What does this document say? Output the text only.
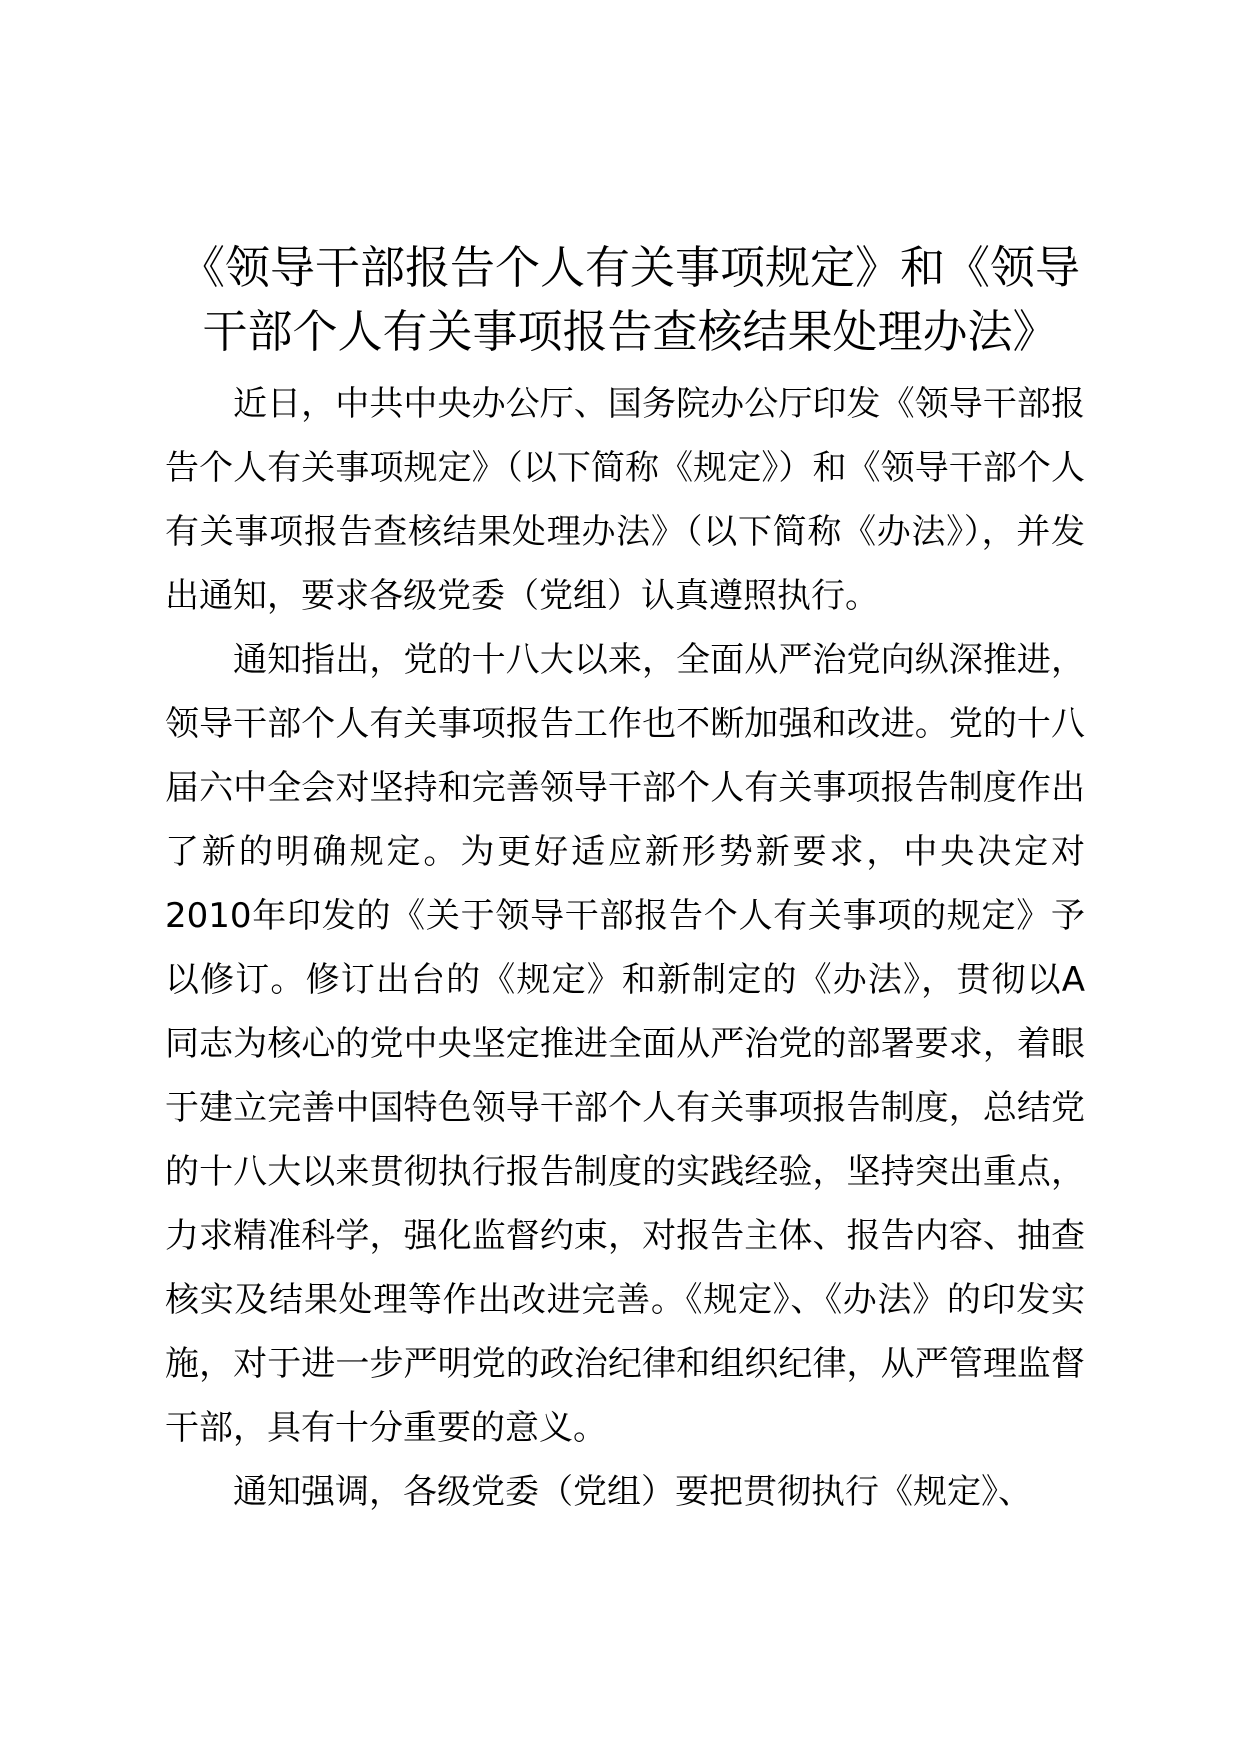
《领导干部报告个人有关事项规定》和《领导干部个人有关事项报告查核结果处理办法》

近日，中共中央办公厅、国务院办公厅印发《领导干部报告个人有关事项规定》（以下简称《规定》）和《领导干部个人有关事项报告查核结果处理办法》（以下简称《办法》），并发出通知，要求各级党委（党组）认真遵照执行。

通知指出，党的十八大以来，全面从严治党向纵深推进，领导干部个人有关事项报告工作也不断加强和改进。党的十八届六中全会对坚持和完善领导干部个人有关事项报告制度作出了新的明确规定。为更好适应新形势新要求，中央决定对2010年印发的《关于领导干部报告个人有关事项的规定》予以修订。修订出台的《规定》和新制定的《办法》，贯彻以A同志为核心的党中央坚定推进全面从严治党的部署要求，着眼于建立完善中国特色领导干部个人有关事项报告制度，总结党的十八大以来贯彻执行报告制度的实践经验，坚持突出重点，力求精准科学，强化监督约束，对报告主体、报告内容、抽查核实及结果处理等作出改进完善。《规定》、《办法》的印发实施，对于进一步严明党的政治纪律和组织纪律，从严管理监督干部，具有十分重要的意义。

通知强调，各级党委（党组）要把贯彻执行《规定》、
